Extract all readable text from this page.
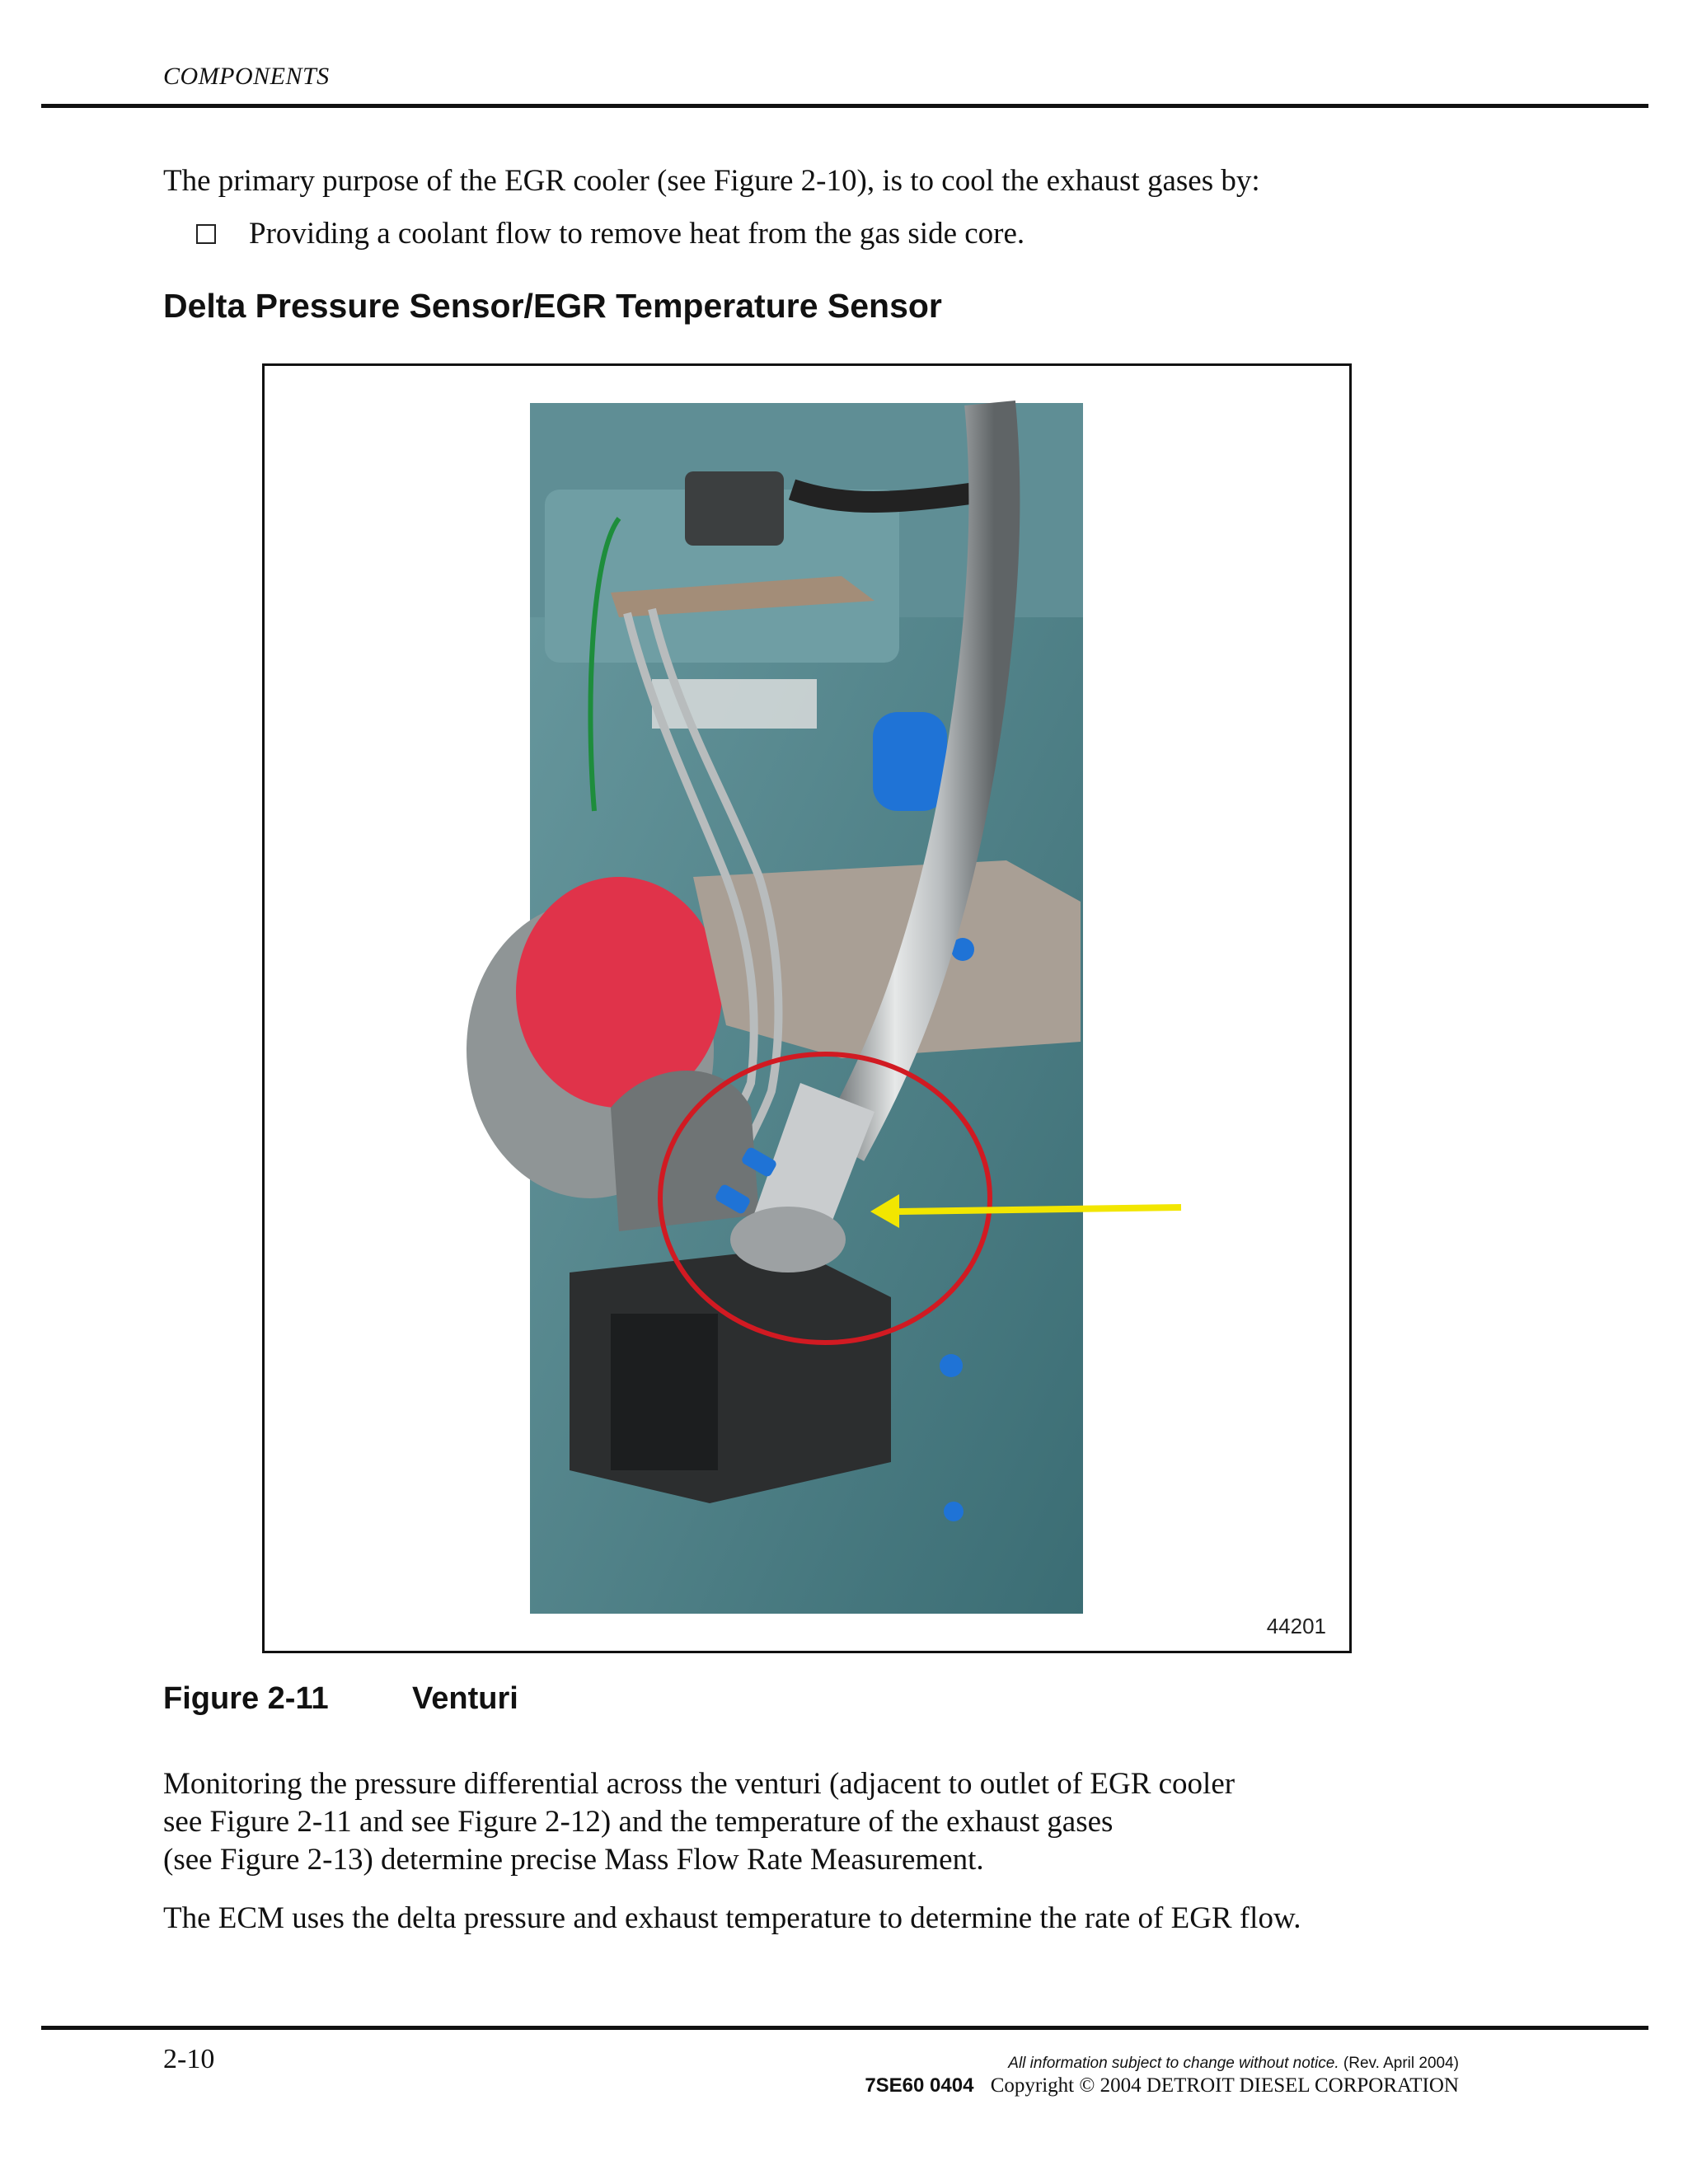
COMPONENTS
The primary purpose of the EGR cooler (see Figure 2-10), is to cool the exhaust gases by:
Providing a coolant flow to remove heat from the gas side core.
Delta Pressure Sensor/EGR Temperature Sensor
44201
Figure 2-11	Venturi
Monitoring the pressure differential across the venturi (adjacent to outlet of EGR cooler
see Figure 2-11 and see Figure 2-12) and the temperature of the exhaust gases
(see Figure 2-13) determine precise Mass Flow Rate Measurement.
The ECM uses the delta pressure and exhaust temperature to determine the rate of EGR flow.
2-10	All information subject to change without notice. (Rev. April 2004)
7SE60 0404 Copyright © 2004 DETROIT DIESEL CORPORATION
